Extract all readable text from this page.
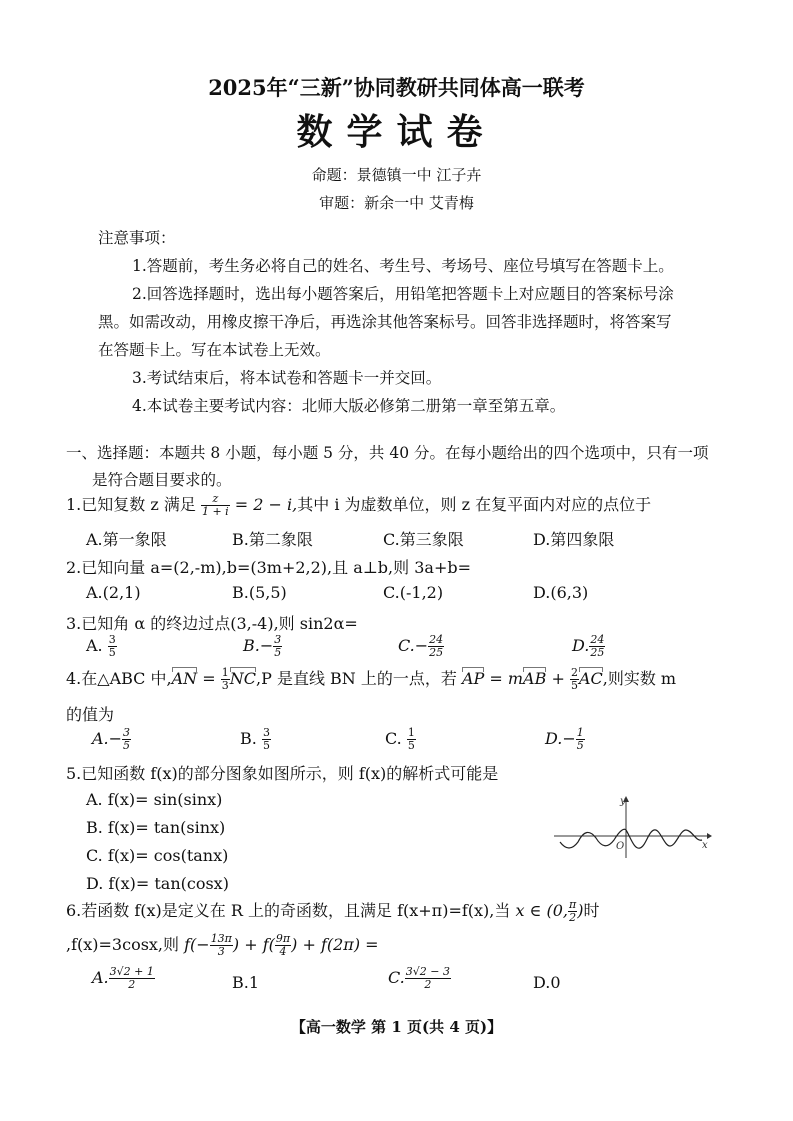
2025年“三新”协同教研共同体高一联考
数学试卷
命题：景德镇一中 江子卉
审题：新余一中 艾青梅
注意事项：
1.答题前，考生务必将自己的姓名、考生号、考场号、座位号填写在答题卡上。
2.回答选择题时，选出每小题答案后，用铅笔把答题卡上对应题目的答案标号涂
黑。如需改动，用橡皮擦干净后，再选涂其他答案标号。回答非选择题时，将答案写
在答题卡上。写在本试卷上无效。
3.考试结束后，将本试卷和答题卡一并交回。
4.本试卷主要考试内容：北师大版必修第二册第一章至第五章。
一、选择题：本题共 8 小题，每小题 5 分，共 40 分。在每小题给出的四个选项中，只有一项
是符合题目要求的。
1.已知复数 z 满足 $\frac{z}{1 + i} = 2 - i$,其中 i 为虚数单位，则 z 在复平面内对应的点位于
A.第一象限	B.第二象限	C.第三象限	D.第四象限
2.已知向量 a=(2,-m),b=(3m+2,2),且 a⊥b,则 3a+b=
A.(2,1)	B.(5,5)	C.(-1,2)	D.(6,3)
3.已知角 α 的终边过点(3,-4),则 sin2α=
A. $\frac{3}{5}$	$B.- \frac{3}{5}$	$C.- \frac{24}{25}$	D. $\frac{24}{25}$
4.在△ABC 中$,AN = \frac{1}{3} NC,P$ 是直线 BN 上的一点，若 AP = mAB + $\frac{2}{5}$ AC,则实数 m
的值为
$A.- \frac{3}{5}$	B. $\frac{3}{5}$	C. $\frac{1}{5}$	$D.- \frac{1}{5}$
5.已知函数 f(x)的部分图象如图所示，则 f(x)的解析式可能是
A. f(x)= sin(sinx)
B. f(x)= tan(sinx)
C. f(x)= cos(tanx)
D. f(x)= tan(cosx)
y
O	x
6.若函数 f(x)是定义在 R 上的奇函数，且满足 f(x+π)=f(x),当 x ∈ (0, $\frac{\pi}{2}$ )时
,f(x)=3cosx,则 $f(- \frac{13\pi}{3}$ ) + $f( \frac{9\pi}{4}$ ) + f(2π) =
A. $\frac{3√2 + 1}{2}$	B.1	C. $\frac{3√2 - 3}{2}$	D.0
【高一数学 第 1 页(共 4 页)】
